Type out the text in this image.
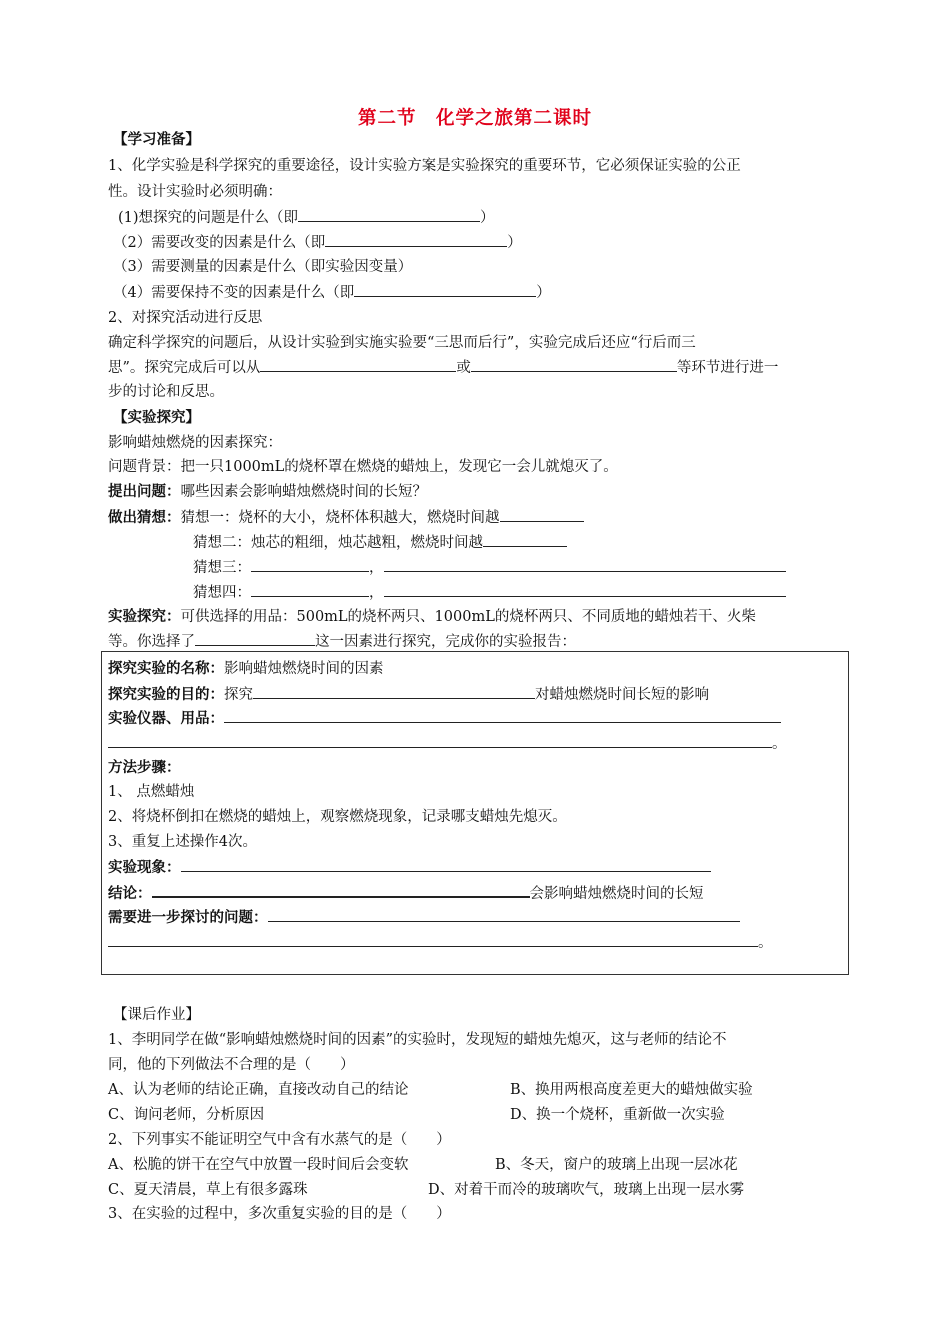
第二节　化学之旅第二课时
【学习准备】
1、化学实验是科学探究的重要途径，设计实验方案是实验探究的重要环节，它必须保证实验的公正
性。设计实验时必须明确：
(1)想探究的问题是什么（即	）
（2）需要改变的因素是什么（即	）
（3）需要测量的因素是什么（即实验因变量）
（4）需要保持不变的因素是什么（即	）
2、对探究活动进行反思
确定科学探究的问题后，从设计实验到实施实验要“三思而后行”，实验完成后还应“行后而三
思”。探究完成后可以从	或	等环节进行进一
步的讨论和反思。
【实验探究】
影响蜡烛燃烧的因素探究：
问题背景：把一只1000mL的烧杯罩在燃烧的蜡烛上，发现它一会儿就熄灭了。
提出问题：哪些因素会影响蜡烛燃烧时间的长短？
做出猜想：猜想一：烧杯的大小，烧杯体积越大，燃烧时间越
猜想二：烛芯的粗细，烛芯越粗，燃烧时间越
猜想三：	，
猜想四：	，
实验探究：可供选择的用品：500mL的烧杯两只、1000mL的烧杯两只、不同质地的蜡烛若干、火柴
等。你选择了	这一因素进行探究，完成你的实验报告：
探究实验的名称：影响蜡烛燃烧时间的因素
探究实验的目的：探究	对蜡烛燃烧时间长短的影响
实验仪器、用品：
。
方法步骤：
1、 点燃蜡烛
2、将烧杯倒扣在燃烧的蜡烛上，观察燃烧现象，记录哪支蜡烛先熄灭。
3、重复上述操作4次。
实验现象：
结论：	会影响蜡烛燃烧时间的长短
需要进一步探讨的问题：
。
【课后作业】
1、李明同学在做“影响蜡烛燃烧时间的因素”的实验时，发现短的蜡烛先熄灭，这与老师的结论不
同，他的下列做法不合理的是（　　）
A、认为老师的结论正确，直接改动自己的结论	B、换用两根高度差更大的蜡烛做实验
C、询问老师，分析原因	D、换一个烧杯，重新做一次实验
2、下列事实不能证明空气中含有水蒸气的是（　　）
A、松脆的饼干在空气中放置一段时间后会变软	B、冬天，窗户的玻璃上出现一层冰花
C、夏天清晨，草上有很多露珠	D、对着干而冷的玻璃吹气，玻璃上出现一层水雾
3、在实验的过程中，多次重复实验的目的是（　　）
